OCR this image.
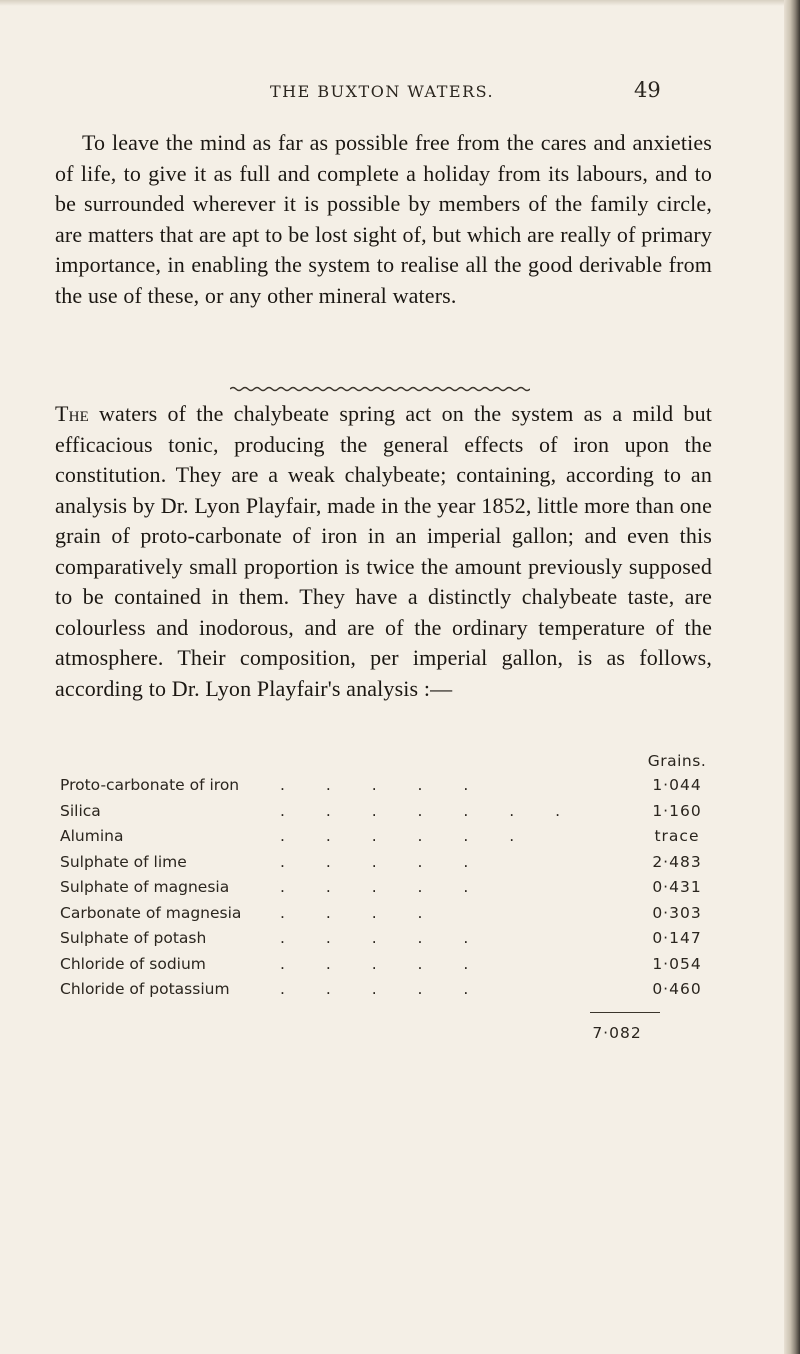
THE BUXTON WATERS.	49
To leave the mind as far as possible free from the cares and anxieties of life, to give it as full and complete a holiday from its labours, and to be surrounded wherever it is possible by members of the family circle, are matters that are apt to be lost sight of, but which are really of primary importance, in enabling the system to realise all the good derivable from the use of these, or any other mineral waters.
The waters of the chalybeate spring act on the system as a mild but efficacious tonic, producing the general effects of iron upon the constitution. They are a weak chalybeate; containing, according to an analysis by Dr. Lyon Playfair, made in the year 1852, little more than one grain of proto-carbonate of iron in an imperial gallon; and even this comparatively small proportion is twice the amount previously supposed to be contained in them. They have a distinctly chalybeate taste, are colourless and inodorous, and are of the ordinary temperature of the atmosphere. Their composition, per imperial gallon, is as follows, according to Dr. Lyon Playfair's analysis :—
Grains.
Proto-carbonate of iron	. . . . .	1·044
Silica	. . . . . . .	1·160
Alumina	. . . . . .	trace
Sulphate of lime	. . . . .	2·483
Sulphate of magnesia	. . . . .	0·431
Carbonate of magnesia . . . .	0·303
Sulphate of potash	. . . . .	0·147
Chloride of sodium	. . . . .	1·054
Chloride of potassium	. . . . .	0·460
7·082
